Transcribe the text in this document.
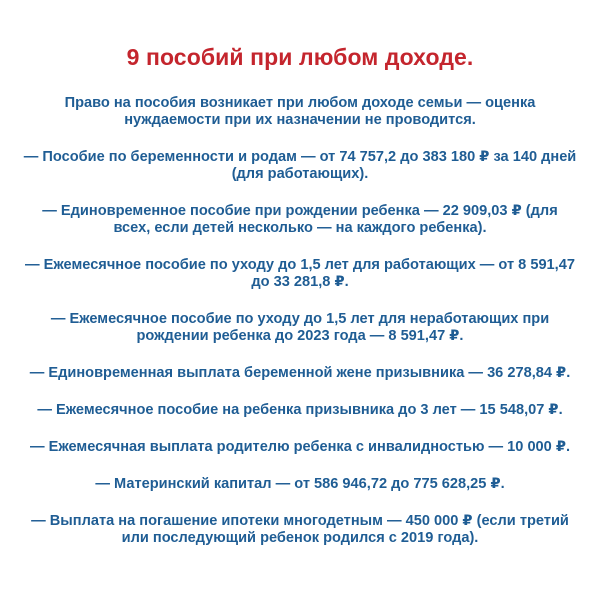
9 пособий при любом доходе.

Право на пособия возникает при любом доходе семьи — оценка нуждаемости при их назначении не проводится.

— Пособие по беременности и родам — от 74 757,2 до 383 180 ₽ за 140 дней (для работающих).

— Единовременное пособие при рождении ребенка — 22 909,03 ₽ (для всех, если детей несколько — на каждого ребенка).

— Ежемесячное пособие по уходу до 1,5 лет для работающих — от 8 591,47 до 33 281,8 ₽.

— Ежемесячное пособие по уходу до 1,5 лет для неработающих при рождении ребенка до 2023 года — 8 591,47 ₽.

— Единовременная выплата беременной жене призывника — 36 278,84 ₽.

— Ежемесячное пособие на ребенка призывника до 3 лет — 15 548,07 ₽.

— Ежемесячная выплата родителю ребенка с инвалидностью — 10 000 ₽.

— Материнский капитал — от 586 946,72 до 775 628,25 ₽.

— Выплата на погашение ипотеки многодетным — 450 000 ₽ (если третий или последующий ребенок родился с 2019 года).
